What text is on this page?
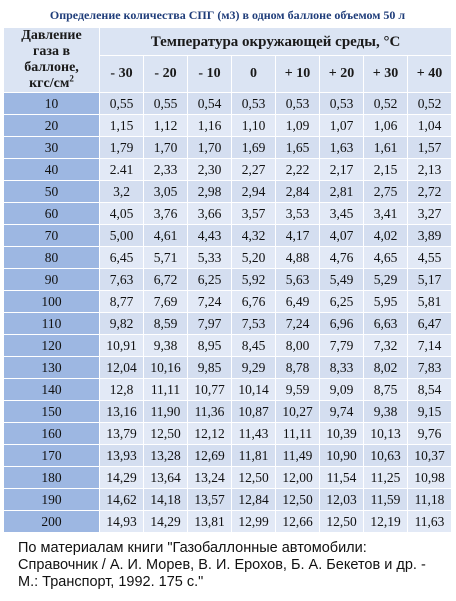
Определение количества СПГ (м3) в одном баллоне объемом 50 л								
Давление
газа в баллоне,
кгс/$см^2$	Температура окружающей среды, °С							
	- 30	- 20	- 10	0	+ 10	+ 20	+ 30	+ 40
10	0,55	0,55	0,54	0,53	0,53	0,53	0,52	0,52
20	1,15	1,12	1,16	1,10	1,09	1,07	1,06	1,04
30	1,79	1,70	1,70	1,69	1,65	1,63	1,61	1,57
40	2.41	2,33	2,30	2,27	2,22	2,17	2,15	2,13
50	3,2	3,05	2,98	2,94	2,84	2,81	2,75	2,72
60	4,05	3,76	3,66	3,57	3,53	3,45	3,41	3,27
70	5,00	4,61	4,43	4,32	4,17	4,07	4,02	3,89
80	6,45	5,71	5,33	5,20	4,88	4,76	4,65	4,55
90	7,63	6,72	6,25	5,92	5,63	5,49	5,29	5,17
100	8,77	7,69	7,24	6,76	6,49	6,25	5,95	5,81
110	9,82	8,59	7,97	7,53	7,24	6,96	6,63	6,47
120	10,91	9,38	8,95	8,45	8,00	7,79	7,32	7,14
130	12,04	10,16	9,85	9,29	8,78	8,33	8,02	7,83
140	12,8	11,11	10,77	10,14	9,59	9,09	8,75	8,54
150	13,16	11,90	11,36	10,87	10,27	9,74	9,38	9,15
160	13,79	12,50	12,12	11,43	11,11	10,39	10,13	9,76
170	13,93	13,28	12,69	11,81	11,49	10,90	10,63	10,37
180	14,29	13,64	13,24	12,50	12,00	11,54	11,25	10,98
190	14,62	14,18	13,57	12,84	12,50	12,03	11,59	11,18
200	14,93	14,29	13,81	12,99	12,66	12,50	12,19	11,63
По материалам книги "Газобаллонные автомобили: Справочник / А. И. Морев, В. И. Ерохов, Б. А. Бекетов и др. - М.: Транспорт, 1992. 175 с."
